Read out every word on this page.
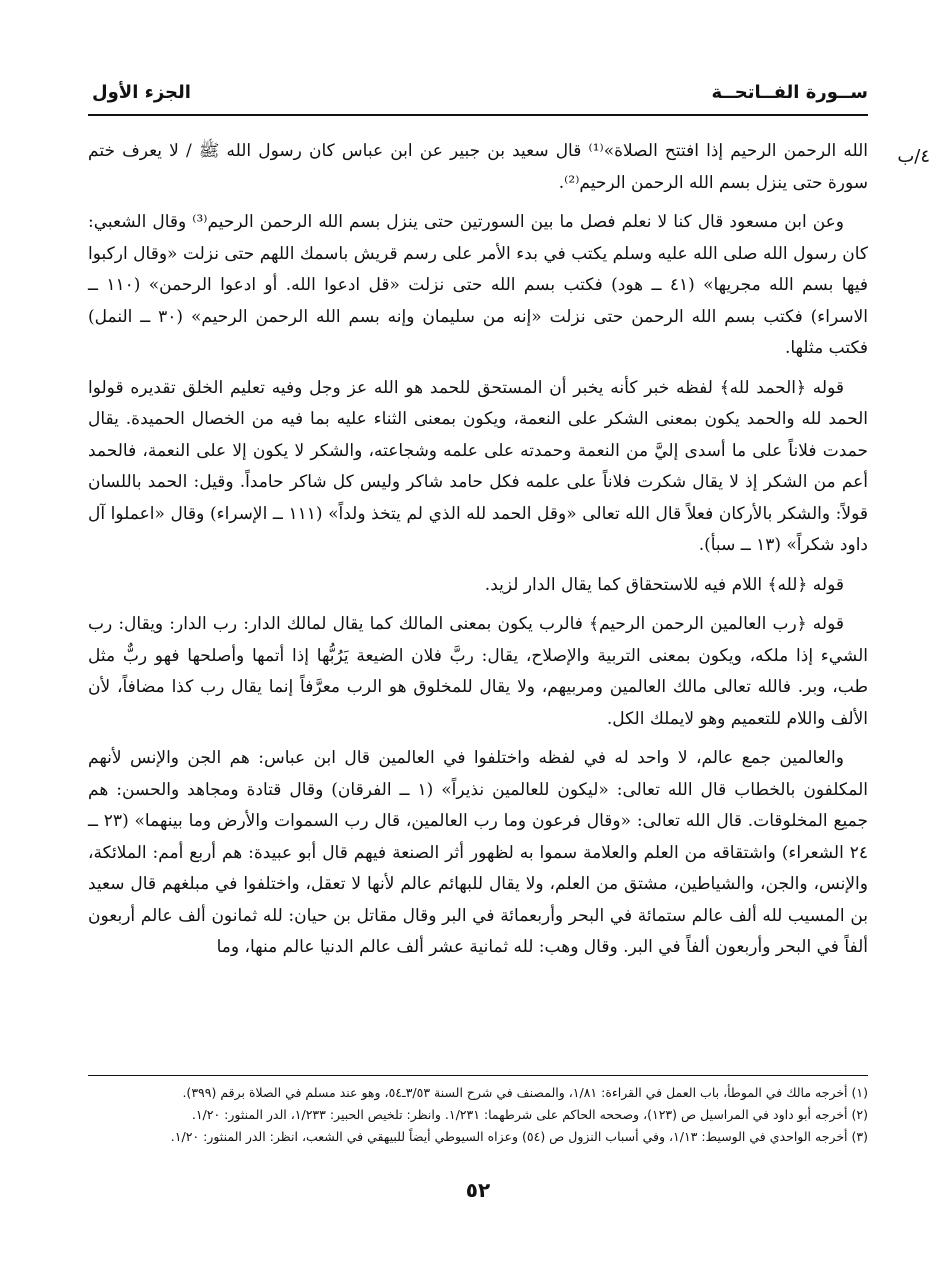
ســورة الفــاتحــة
الجزء الأول
٤/ب

الله الرحمن الرحيم إذا افتتح الصلاة»⁽¹⁾ قال سعيد بن جبير عن ابن عباس كان رسول الله ﷺ / لا يعرف ختم سورة حتى ينزل بسم الله الرحمن الرحيم⁽²⁾.

وعن ابن مسعود قال كنا لا نعلم فصل ما بين السورتين حتى ينزل بسم الله الرحمن الرحيم⁽³⁾ وقال الشعبي: كان رسول الله صلى الله عليه وسلم يكتب في بدء الأمر على رسم قريش باسمك اللهم حتى نزلت «وقال اركبوا فيها بسم الله مجريها» (٤١ ــ هود) فكتب بسم الله حتى نزلت «قل ادعوا الله. أو ادعوا الرحمن» (١١٠ ــ الاسراء) فكتب بسم الله الرحمن حتى نزلت «إنه من سليمان وإنه بسم الله الرحمن الرحيم» (٣٠ ــ النمل) فكتب مثلها.

قوله ﴿الحمد لله﴾ لفظه خبر كأنه يخبر أن المستحق للحمد هو الله عز وجل وفيه تعليم الخلق تقديره قولوا الحمد لله والحمد يكون بمعنى الشكر على النعمة، ويكون بمعنى الثناء عليه بما فيه من الخصال الحميدة. يقال حمدت فلاناً على ما أسدى إليَّ من النعمة وحمدته على علمه وشجاعته، والشكر لا يكون إلا على النعمة، فالحمد أعم من الشكر إذ لا يقال شكرت فلاناً على علمه فكل حامد شاكر وليس كل شاكر حامداً. وقيل: الحمد باللسان قولاً: والشكر بالأركان فعلاً قال الله تعالى «وقل الحمد لله الذي لم يتخذ ولداً» (١١١ ــ الإسراء) وقال «اعملوا آل داود شكراً» (١٣ ــ سبأ).

قوله ﴿لله﴾ اللام فيه للاستحقاق كما يقال الدار لزيد.

قوله ﴿رب العالمين الرحمن الرحيم﴾ فالرب يكون بمعنى المالك كما يقال لمالك الدار: رب الدار: ويقال: رب الشيء إذا ملكه، ويكون بمعنى التربية والإصلاح، يقال: ربَّ فلان الضيعة يَرُبُّها إذا أتمها وأصلحها فهو ربٌّ مثل طب، وبر. فالله تعالى مالك العالمين ومربيهم، ولا يقال للمخلوق هو الرب معرَّفاً إنما يقال رب كذا مضافاً، لأن الألف واللام للتعميم وهو لايملك الكل.

والعالمين جمع عالم، لا واحد له في لفظه واختلفوا في العالمين قال ابن عباس: هم الجن والإنس لأنهم المكلفون بالخطاب قال الله تعالى: «ليكون للعالمين نذيراً» (١ ــ الفرقان) وقال قتادة ومجاهد والحسن: هم جميع المخلوقات. قال الله تعالى: «وقال فرعون وما رب العالمين، قال رب السموات والأرض وما بينهما» (٢٣ ــ ٢٤ الشعراء) واشتقاقه من العلم والعلامة سموا به لظهور أثر الصنعة فيهم قال أبو عبيدة: هم أربع أمم: الملائكة، والإنس، والجن، والشياطين، مشتق من العلم، ولا يقال للبهائم عالم لأنها لا تعقل، واختلفوا في مبلغهم قال سعيد بن المسيب لله ألف عالم ستمائة في البحر وأربعمائة في البر وقال مقاتل بن حيان: لله ثمانون ألف عالم أربعون ألفاً في البحر وأربعون ألفاً في البر. وقال وهب: لله ثمانية عشر ألف عالم الدنيا عالم منها، وما

(١) أخرجه مالك في الموطأ، باب العمل في القراءة: ١/٨١، والمصنف في شرح السنة ٣/٥٣ـ٥٤، وهو عند مسلم في الصلاة برقم (٣٩٩).
(٢) أخرجه أبو داود في المراسيل ص (١٢٣)، وصححه الحاكم على شرطهما: ١/٢٣١. وانظر: تلخيص الحبير: ١/٢٣٣، الدر المنثور: ١/٢٠.
(٣) أخرجه الواحدي في الوسيط: ١/١٣، وفي أسباب النزول ص (٥٤) وعزاه السيوطي أيضاً للبيهقي في الشعب، انظر: الدر المنثور: ١/٢٠.
٥٢
